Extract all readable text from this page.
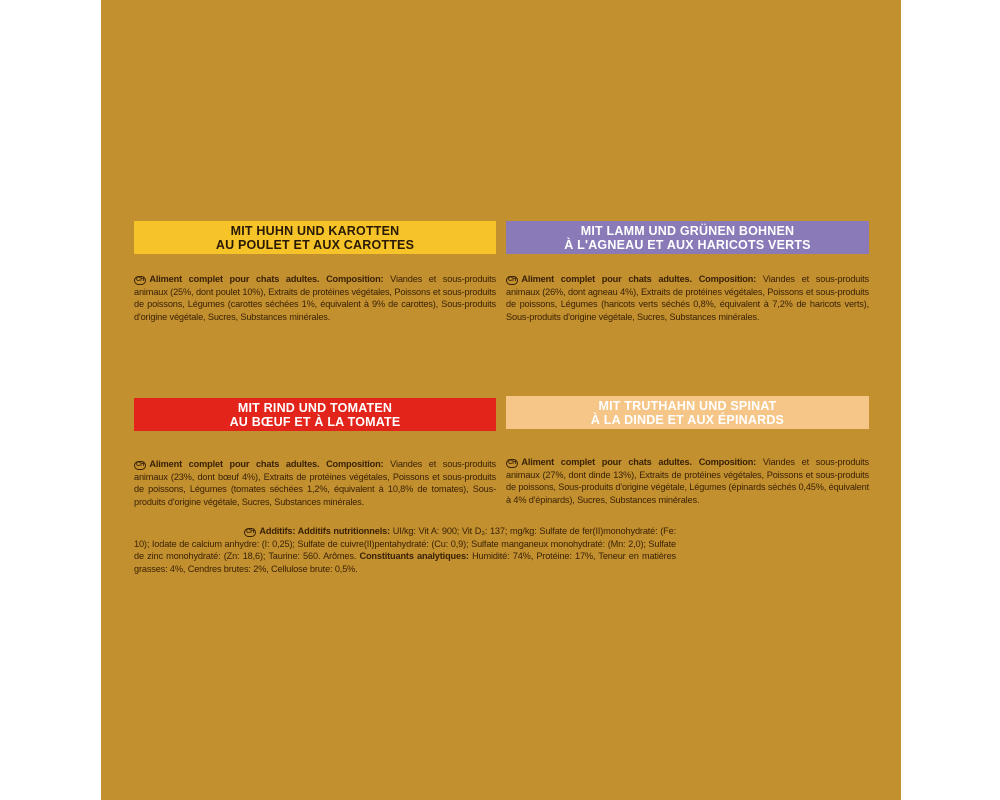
MIT HUHN UND KAROTTEN
AU POULET ET AUX CAROTTES
MIT LAMM UND GRÜNEN BOHNEN
À L'AGNEAU ET AUX HARICOTS VERTS
CH Aliment complet pour chats adultes. Composition: Viandes et sous-produits animaux (25%, dont poulet 10%), Extraits de protéines végétales, Poissons et sous-produits de poissons, Légumes (carottes séchées 1%, équivalent à 9% de carottes), Sous-produits d'origine végétale, Sucres, Substances minérales.
CH Aliment complet pour chats adultes. Composition: Viandes et sous-produits animaux (26%, dont agneau 4%), Extraits de protéines végétales, Poissons et sous-produits de poissons, Légumes (haricots verts séchés 0,8%, équivalent à 7,2% de haricots verts), Sous-produits d'origine végétale, Sucres, Substances minérales.
MIT RIND UND TOMATEN
AU BŒUF ET À LA TOMATE
MIT TRUTHAHN UND SPINAT
À LA DINDE ET AUX ÉPINARDS
CH Aliment complet pour chats adultes. Composition: Viandes et sous-produits animaux (23%, dont bœuf 4%), Extraits de protéines végétales, Poissons et sous-produits de poissons, Légumes (tomates séchées 1,2%, équivalent à 10,8% de tomates), Sous-produits d'origine végétale, Sucres, Substances minérales.
CH Aliment complet pour chats adultes. Composition: Viandes et sous-produits animaux (27%, dont dinde 13%), Extraits de protéines végétales, Poissons et sous-produits de poissons, Sous-produits d'origine végétale, Légumes (épinards séchés 0,45%, équivalent à 4% d'épinards), Sucres, Substances minérales.
CH Additifs: Additifs nutritionnels: UI/kg: Vit A: 900; Vit D₃: 137; mg/kg: Sulfate de fer(II)monohydraté: (Fe: 10); Iodate de calcium anhydre: (I: 0,25); Sulfate de cuivre(II)pentahydraté: (Cu: 0,9); Sulfate manganeux monohydraté: (Mn: 2,0); Sulfate de zinc monohydraté: (Zn: 18,6); Taurine: 560. Arômes. Constituants analytiques: Humidité: 74%, Protéine: 17%, Teneur en matières grasses: 4%, Cendres brutes: 2%, Cellulose brute: 0,5%.
